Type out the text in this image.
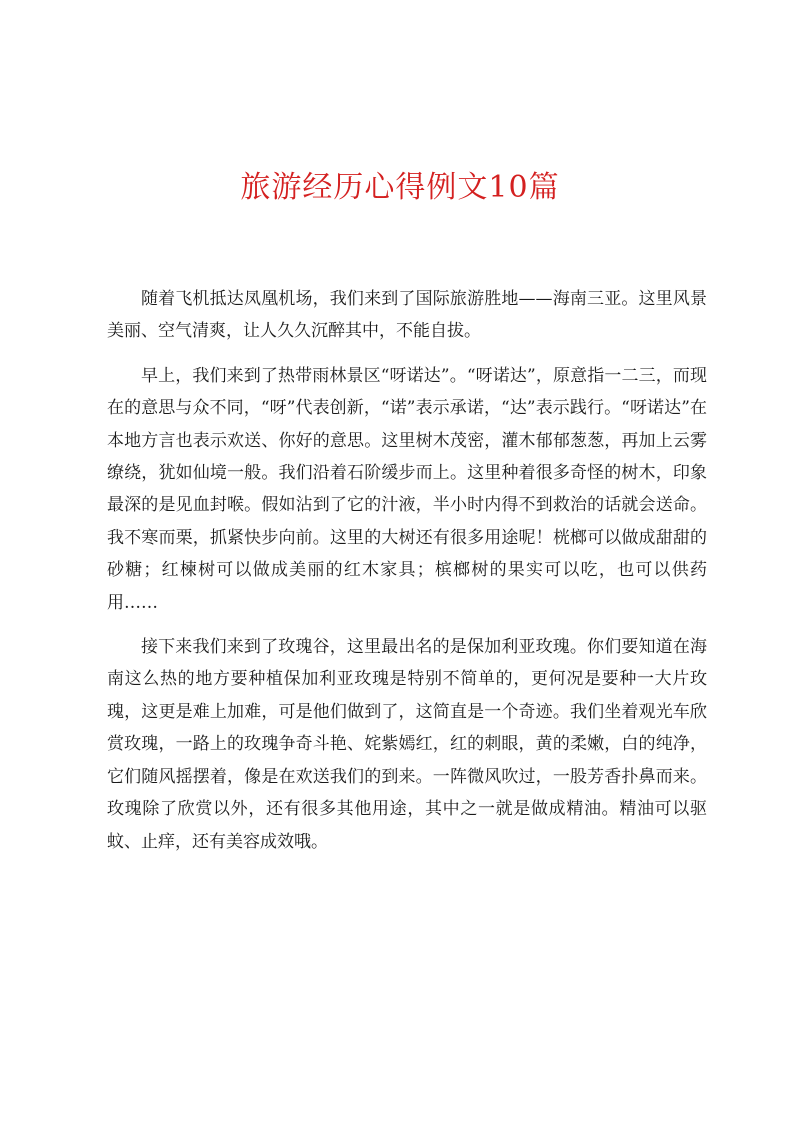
旅游经历心得例文10篇

随着飞机抵达凤凰机场，我们来到了国际旅游胜地——海南三亚。这里风景美丽、空气清爽，让人久久沉醉其中，不能自拔。

早上，我们来到了热带雨林景区“呀诺达”。“呀诺达”，原意指一二三，而现在的意思与众不同，“呀”代表创新，“诺”表示承诺，“达”表示践行。“呀诺达”在本地方言也表示欢送、你好的意思。这里树木茂密，灌木郁郁葱葱，再加上云雾缭绕，犹如仙境一般。我们沿着石阶缓步而上。这里种着很多奇怪的树木，印象最深的是见血封喉。假如沾到了它的汁液，半小时内得不到救治的话就会送命。我不寒而栗，抓紧快步向前。这里的大树还有很多用途呢！桄榔可以做成甜甜的砂糖；红楝树可以做成美丽的红木家具；槟榔树的果实可以吃，也可以供药用……

接下来我们来到了玫瑰谷，这里最出名的是保加利亚玫瑰。你们要知道在海南这么热的地方要种植保加利亚玫瑰是特别不简单的，更何况是要种一大片玫瑰，这更是难上加难，可是他们做到了，这简直是一个奇迹。我们坐着观光车欣赏玫瑰，一路上的玫瑰争奇斗艳、姹紫嫣红，红的刺眼，黄的柔嫩，白的纯净，它们随风摇摆着，像是在欢送我们的到来。一阵微风吹过，一股芳香扑鼻而来。玫瑰除了欣赏以外，还有很多其他用途，其中之一就是做成精油。精油可以驱蚊、止痒，还有美容成效哦。
